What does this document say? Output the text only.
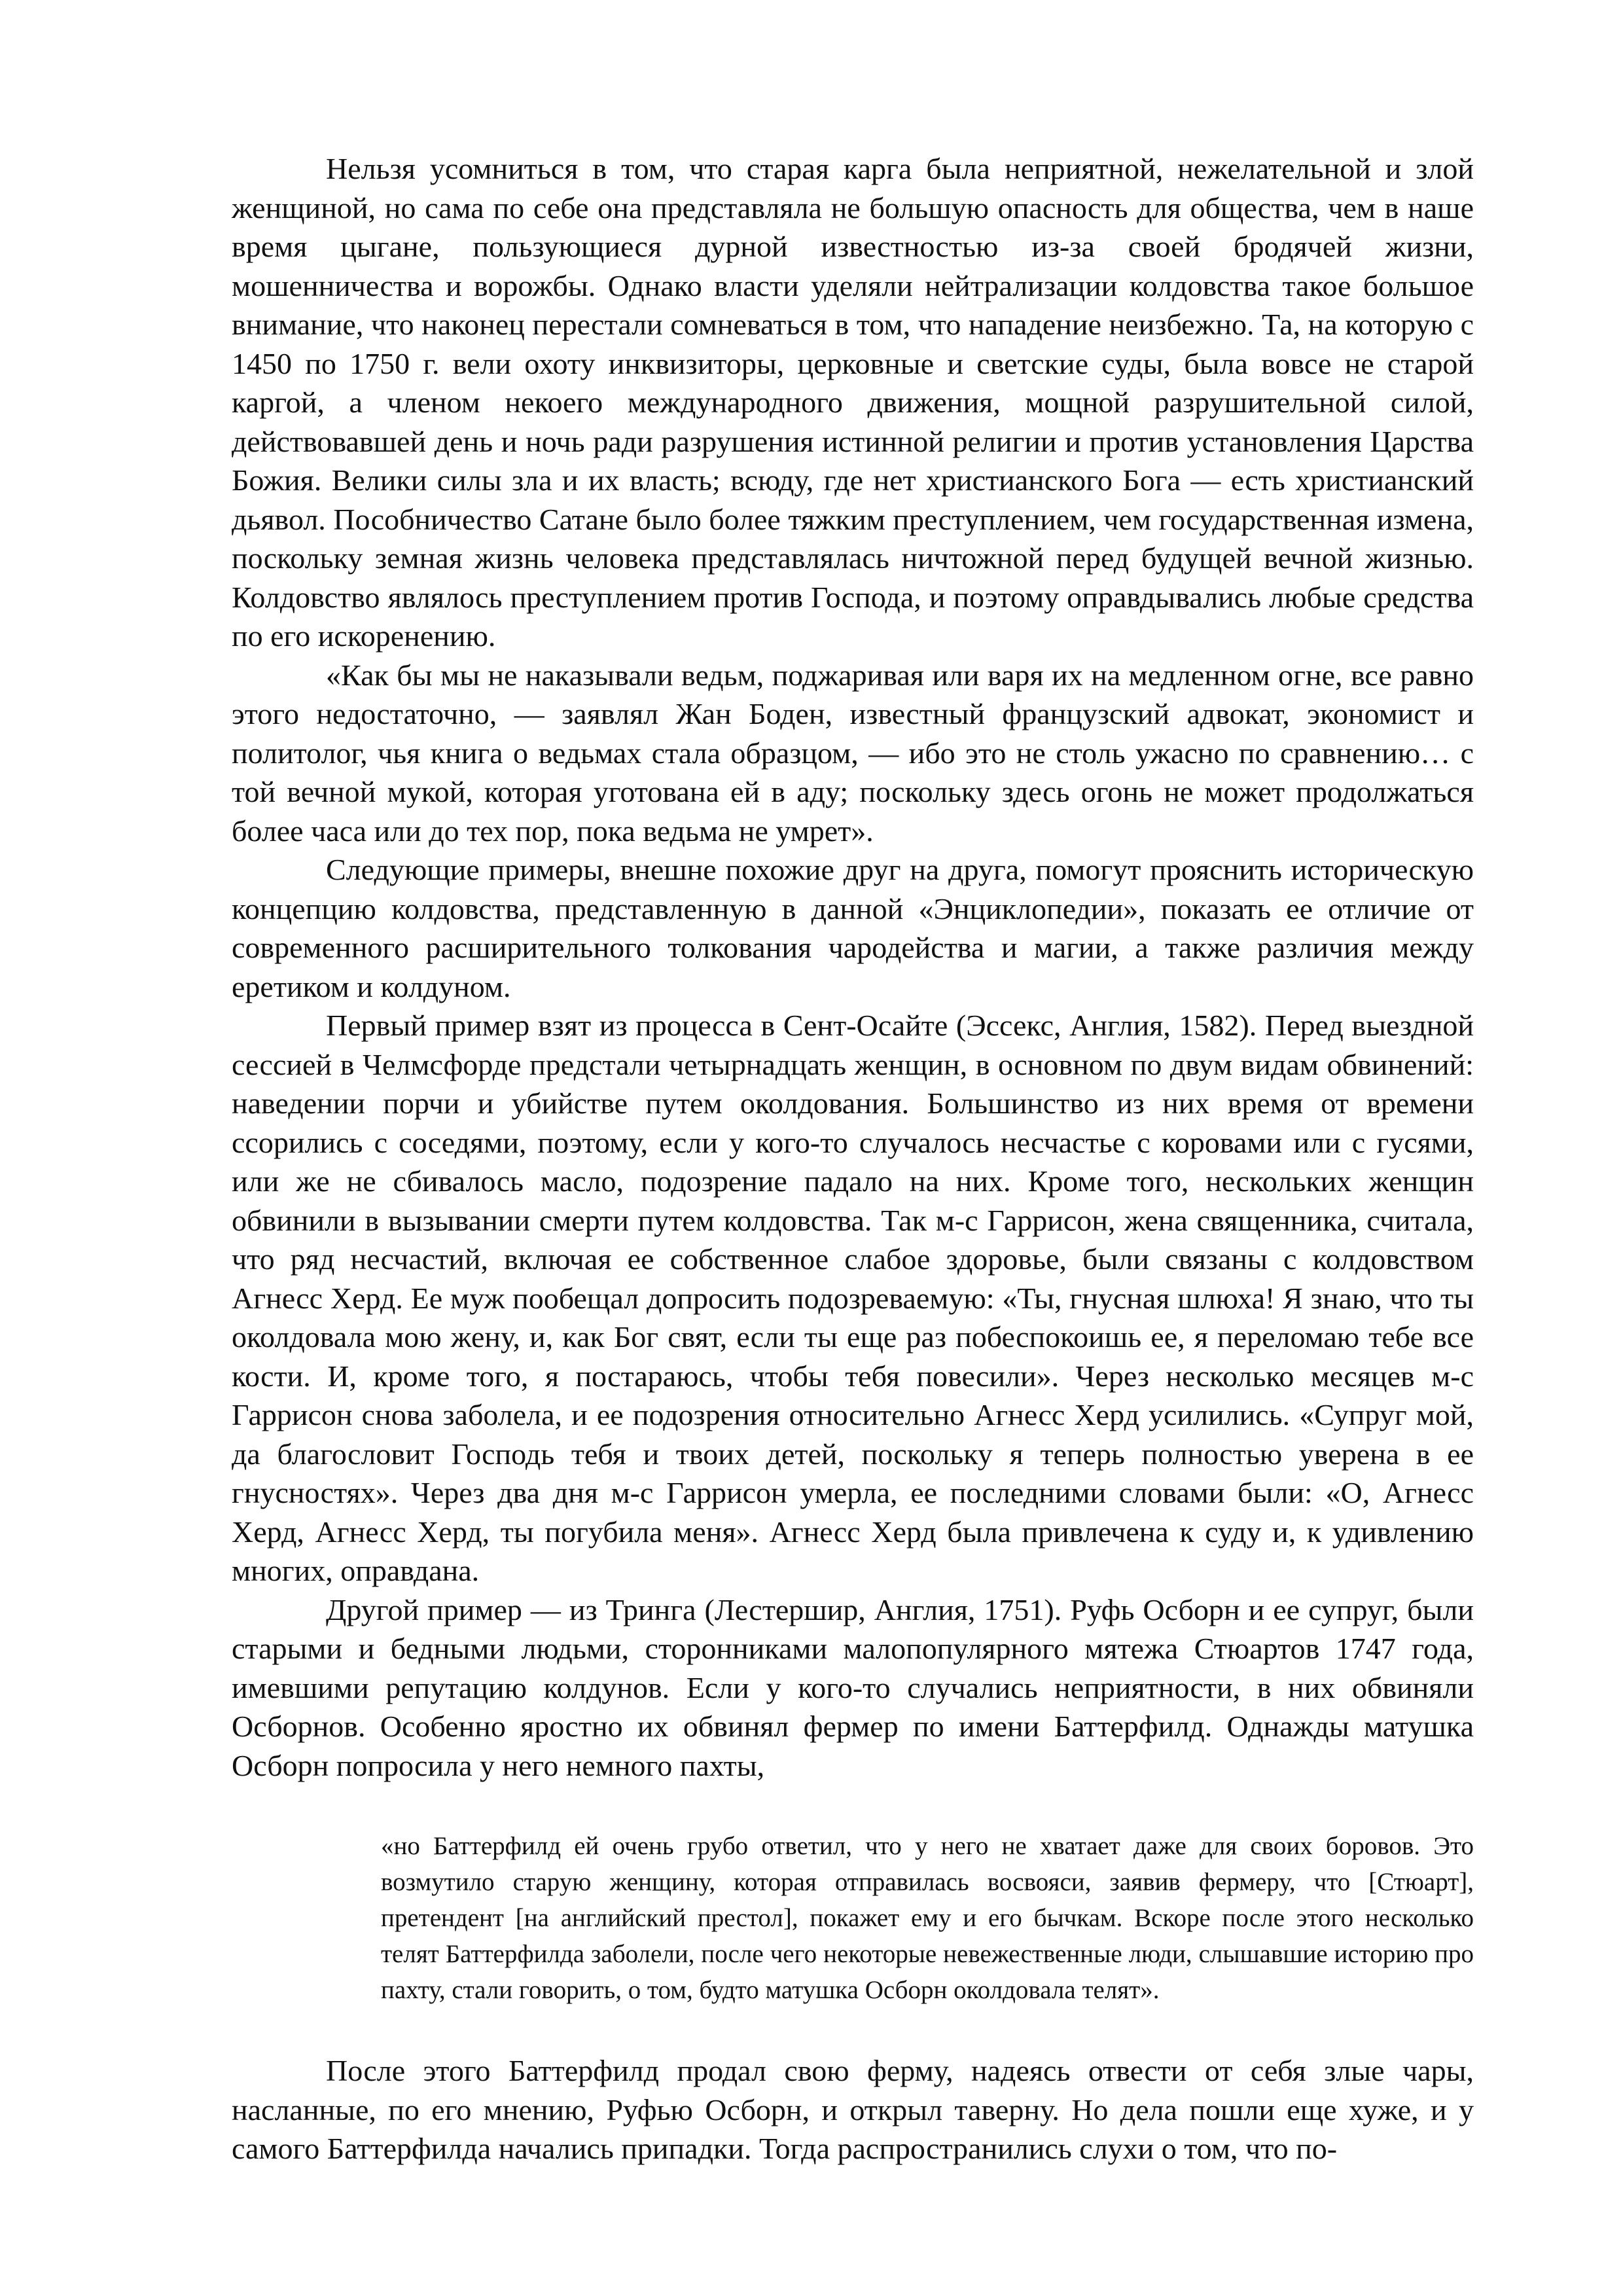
Нельзя усомниться в том, что старая карга была неприятной, нежелательной и злой женщиной, но сама по себе она представляла не большую опасность для общества, чем в наше время цыгане, пользующиеся дурной известностью из-за своей бродячей жизни, мошенничества и ворожбы. Однако власти уделяли нейтрализации колдовства такое большое внимание, что наконец перестали сомневаться в том, что нападение неизбежно. Та, на которую с 1450 по 1750 г. вели охоту инквизиторы, церковные и светские суды, была вовсе не старой каргой, а членом некоего международного движения, мощной разрушительной силой, действовавшей день и ночь ради разрушения истинной религии и против установления Царства Божия. Велики силы зла и их власть; всюду, где нет христианского Бога — есть христианский дьявол. Пособничество Сатане было более тяжким преступлением, чем государственная измена, поскольку земная жизнь человека представлялась ничтожной перед будущей вечной жизнью. Колдовство являлось преступлением против Господа, и поэтому оправдывались любые средства по его искоренению.

«Как бы мы не наказывали ведьм, поджаривая или варя их на медленном огне, все равно этого недостаточно, — заявлял Жан Боден, известный французский адвокат, экономист и политолог, чья книга о ведьмах стала образцом, — ибо это не столь ужасно по сравнению… с той вечной мукой, которая уготована ей в аду; поскольку здесь огонь не может продолжаться более часа или до тех пор, пока ведьма не умрет».

Следующие примеры, внешне похожие друг на друга, помогут прояснить историческую концепцию колдовства, представленную в данной «Энциклопедии», показать ее отличие от современного расширительного толкования чародейства и магии, а также различия между еретиком и колдуном.

Первый пример взят из процесса в Сент-Осайте (Эссекс, Англия, 1582). Перед выездной сессией в Челмсфорде предстали четырнадцать женщин, в основном по двум видам обвинений: наведении порчи и убийстве путем околдования. Большинство из них время от времени ссорились с соседями, поэтому, если у кого-то случалось несчастье с коровами или с гусями, или же не сбивалось масло, подозрение падало на них. Кроме того, нескольких женщин обвинили в вызывании смерти путем колдовства. Так м-с Гаррисон, жена священника, считала, что ряд несчастий, включая ее собственное слабое здоровье, были связаны с колдовством Агнесс Херд. Ее муж пообещал допросить подозреваемую: «Ты, гнусная шлюха! Я знаю, что ты околдовала мою жену, и, как Бог свят, если ты еще раз побеспокоишь ее, я переломаю тебе все кости. И, кроме того, я постараюсь, чтобы тебя повесили». Через несколько месяцев м-с Гаррисон снова заболела, и ее подозрения относительно Агнесс Херд усилились. «Супруг мой, да благословит Господь тебя и твоих детей, поскольку я теперь полностью уверена в ее гнусностях». Через два дня м-с Гаррисон умерла, ее последними словами были: «О, Агнесс Херд, Агнесс Херд, ты погубила меня». Агнесс Херд была привлечена к суду и, к удивлению многих, оправдана.

Другой пример — из Тринга (Лестершир, Англия, 1751). Руфь Осборн и ее супруг, были старыми и бедными людьми, сторонниками малопопулярного мятежа Стюартов 1747 года, имевшими репутацию колдунов. Если у кого-то случались неприятности, в них обвиняли Осборнов. Особенно яростно их обвинял фермер по имени Баттерфилд. Однажды матушка Осборн попросила у него немного пахты,

«но Баттерфилд ей очень грубо ответил, что у него не хватает даже для своих боровов. Это возмутило старую женщину, которая отправилась восвояси, заявив фермеру, что [Стюарт], претендент [на английский престол], покажет ему и его бычкам. Вскоре после этого несколько телят Баттерфилда заболели, после чего некоторые невежественные люди, слышавшие историю про пахту, стали говорить, о том, будто матушка Осборн околдовала телят».

После этого Баттерфилд продал свою ферму, надеясь отвести от себя злые чары, насланные, по его мнению, Руфью Осборн, и открыл таверну. Но дела пошли еще хуже, и у самого Баттерфилда начались припадки. Тогда распространились слухи о том, что по-
